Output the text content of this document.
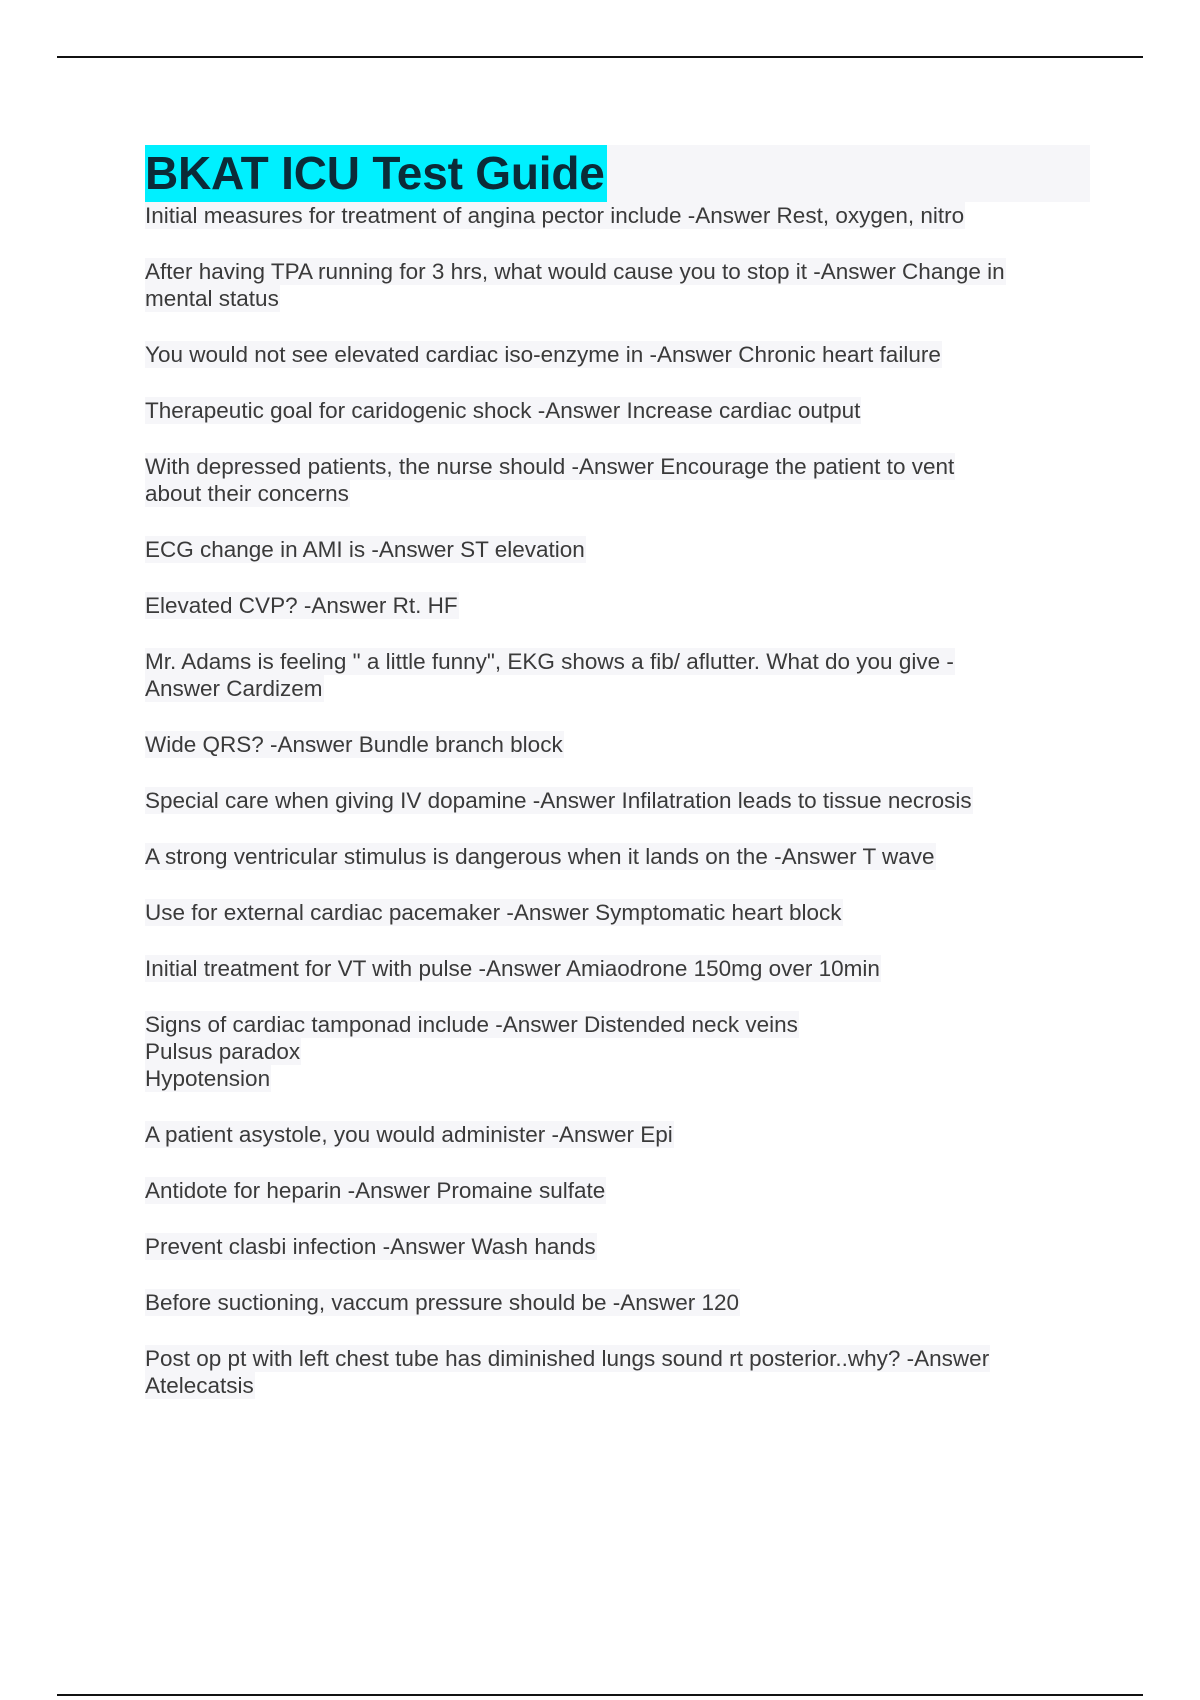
BKAT ICU Test Guide
Initial measures for treatment of angina pector include -Answer Rest, oxygen, nitro
After having TPA running for 3 hrs, what would cause you to stop it -Answer Change in
mental status
You would not see elevated cardiac iso-enzyme in -Answer Chronic heart failure
Therapeutic goal for caridogenic shock -Answer Increase cardiac output
With depressed patients, the nurse should -Answer Encourage the patient to vent
about their concerns
ECG change in AMI is -Answer ST elevation
Elevated CVP? -Answer Rt. HF
Mr. Adams is feeling " a little funny", EKG shows a fib/ aflutter. What do you give -
Answer Cardizem
Wide QRS? -Answer Bundle branch block
Special care when giving IV dopamine -Answer Infilatration leads to tissue necrosis
A strong ventricular stimulus is dangerous when it lands on the -Answer T wave
Use for external cardiac pacemaker -Answer Symptomatic heart block
Initial treatment for VT with pulse -Answer Amiaodrone 150mg over 10min
Signs of cardiac tamponad include -Answer Distended neck veins
Pulsus paradox
Hypotension
A patient asystole, you would administer -Answer Epi
Antidote for heparin -Answer Promaine sulfate
Prevent clasbi infection -Answer Wash hands
Before suctioning, vaccum pressure should be -Answer 120
Post op pt with left chest tube has diminished lungs sound rt posterior..why? -Answer
Atelecatsis
